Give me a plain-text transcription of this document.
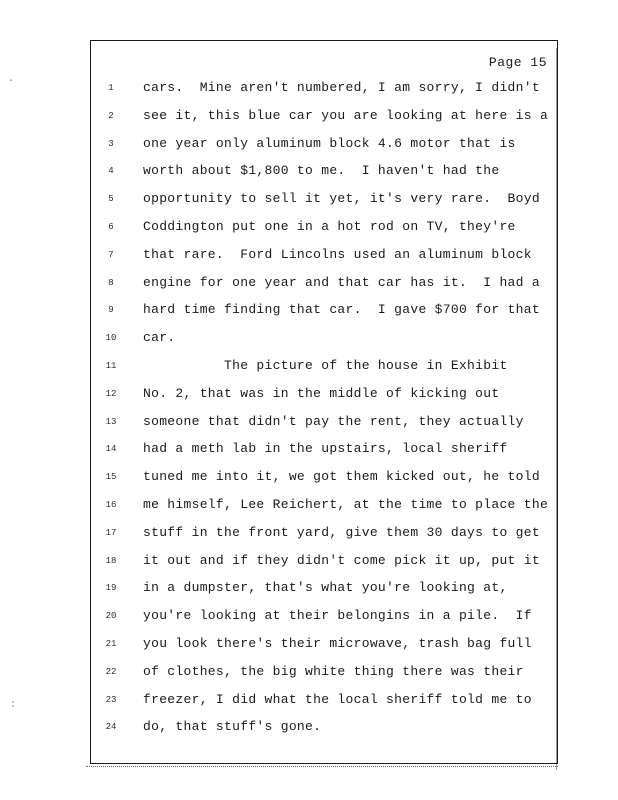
·
:
Page 15
1
2
3
4
5
6
7
8
9
10
11
12
13
14
15
16
17
18
19
20
21
22
23
24
cars.  Mine aren't numbered, I am sorry, I didn't
see it, this blue car you are looking at here is a
one year only aluminum block 4.6 motor that is
worth about $1,800 to me.  I haven't had the
opportunity to sell it yet, it's very rare.  Boyd
Coddington put one in a hot rod on TV, they're
that rare.  Ford Lincolns used an aluminum block
engine for one year and that car has it.  I had a
hard time finding that car.  I gave $700 for that
car.
The picture of the house in Exhibit
No. 2, that was in the middle of kicking out
someone that didn't pay the rent, they actually
had a meth lab in the upstairs, local sheriff
tuned me into it, we got them kicked out, he told
me himself, Lee Reichert, at the time to place the
stuff in the front yard, give them 30 days to get
it out and if they didn't come pick it up, put it
in a dumpster, that's what you're looking at,
you're looking at their belongins in a pile.  If
you look there's their microwave, trash bag full
of clothes, the big white thing there was their
freezer, I did what the local sheriff told me to
do, that stuff's gone.
